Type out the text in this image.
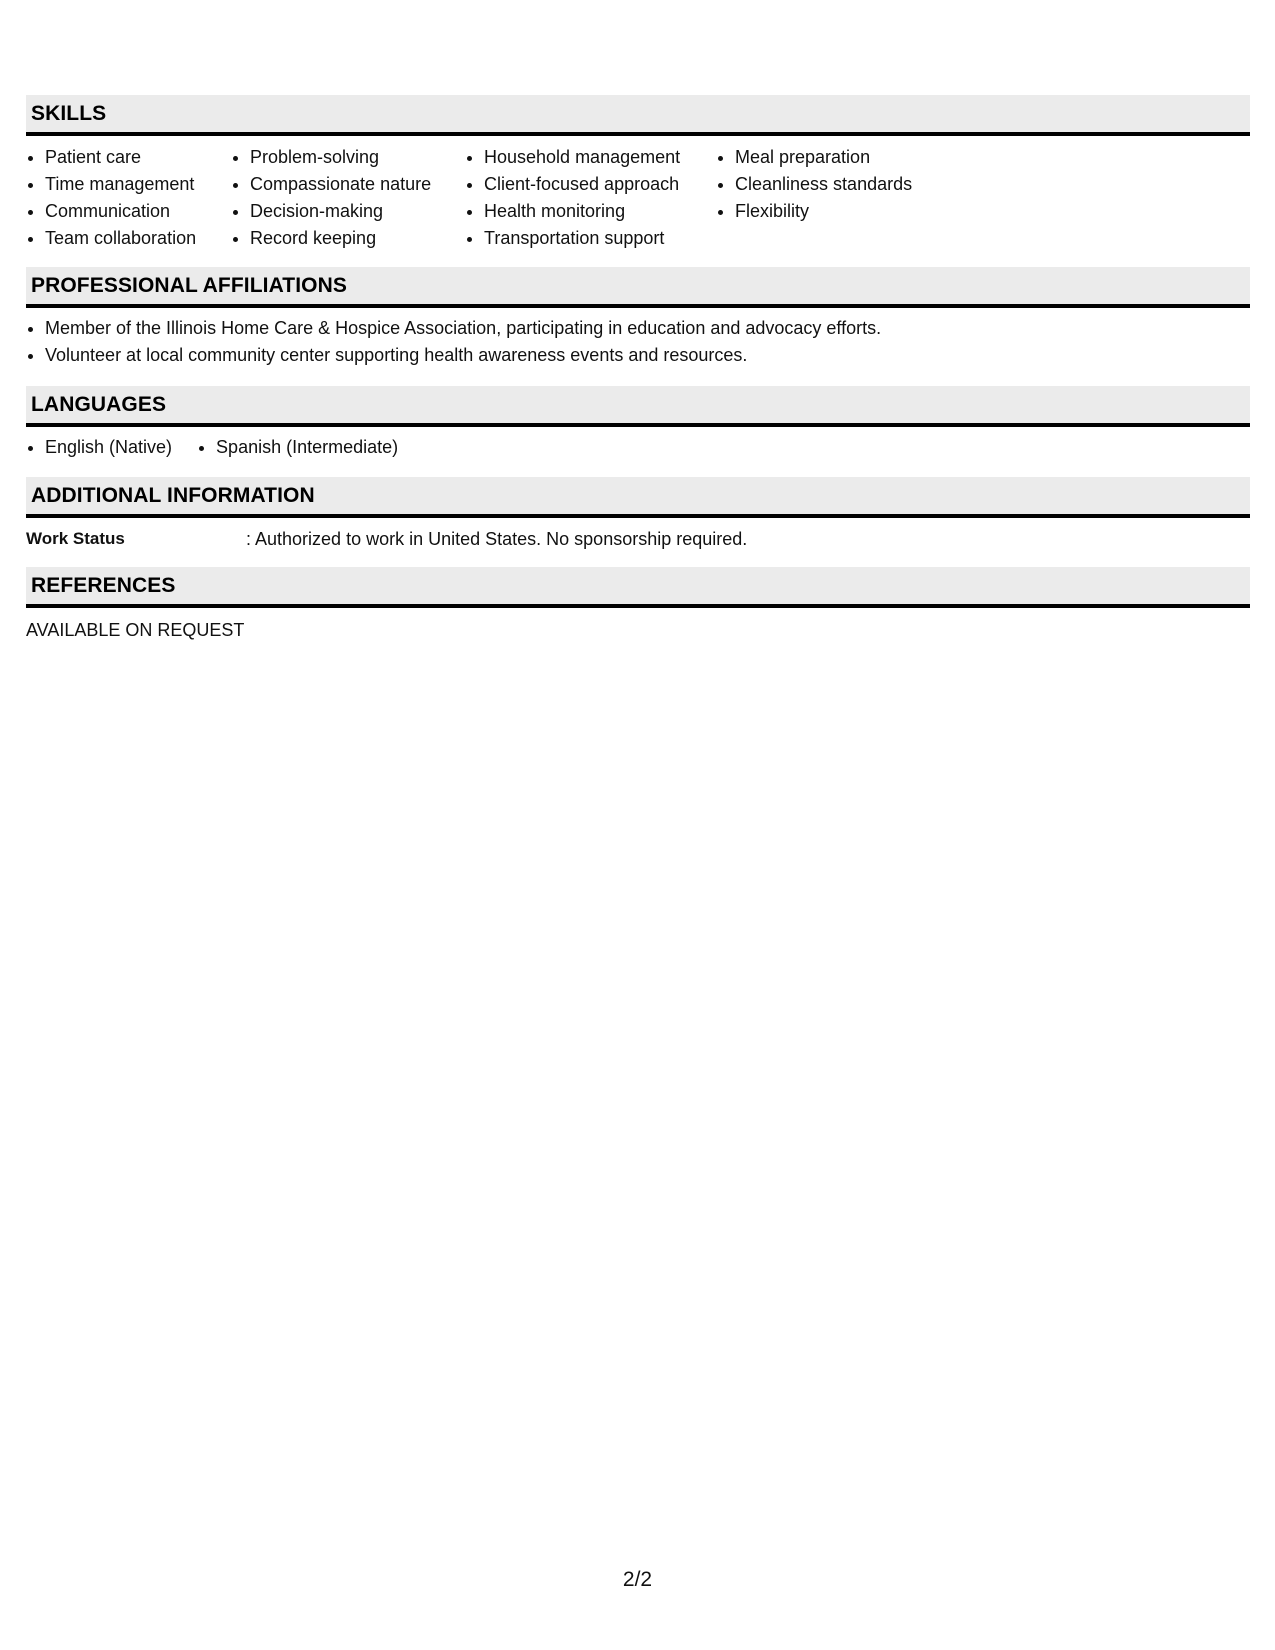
SKILLS
Patient care
Time management
Communication
Team collaboration
Problem-solving
Compassionate nature
Decision-making
Record keeping
Household management
Client-focused approach
Health monitoring
Transportation support
Meal preparation
Cleanliness standards
Flexibility
PROFESSIONAL AFFILIATIONS
Member of the Illinois Home Care & Hospice Association, participating in education and advocacy efforts.
Volunteer at local community center supporting health awareness events and resources.
LANGUAGES
English (Native)	Spanish (Intermediate)
ADDITIONAL INFORMATION
Work Status	: Authorized to work in United States. No sponsorship required.
REFERENCES
AVAILABLE ON REQUEST
2/2
